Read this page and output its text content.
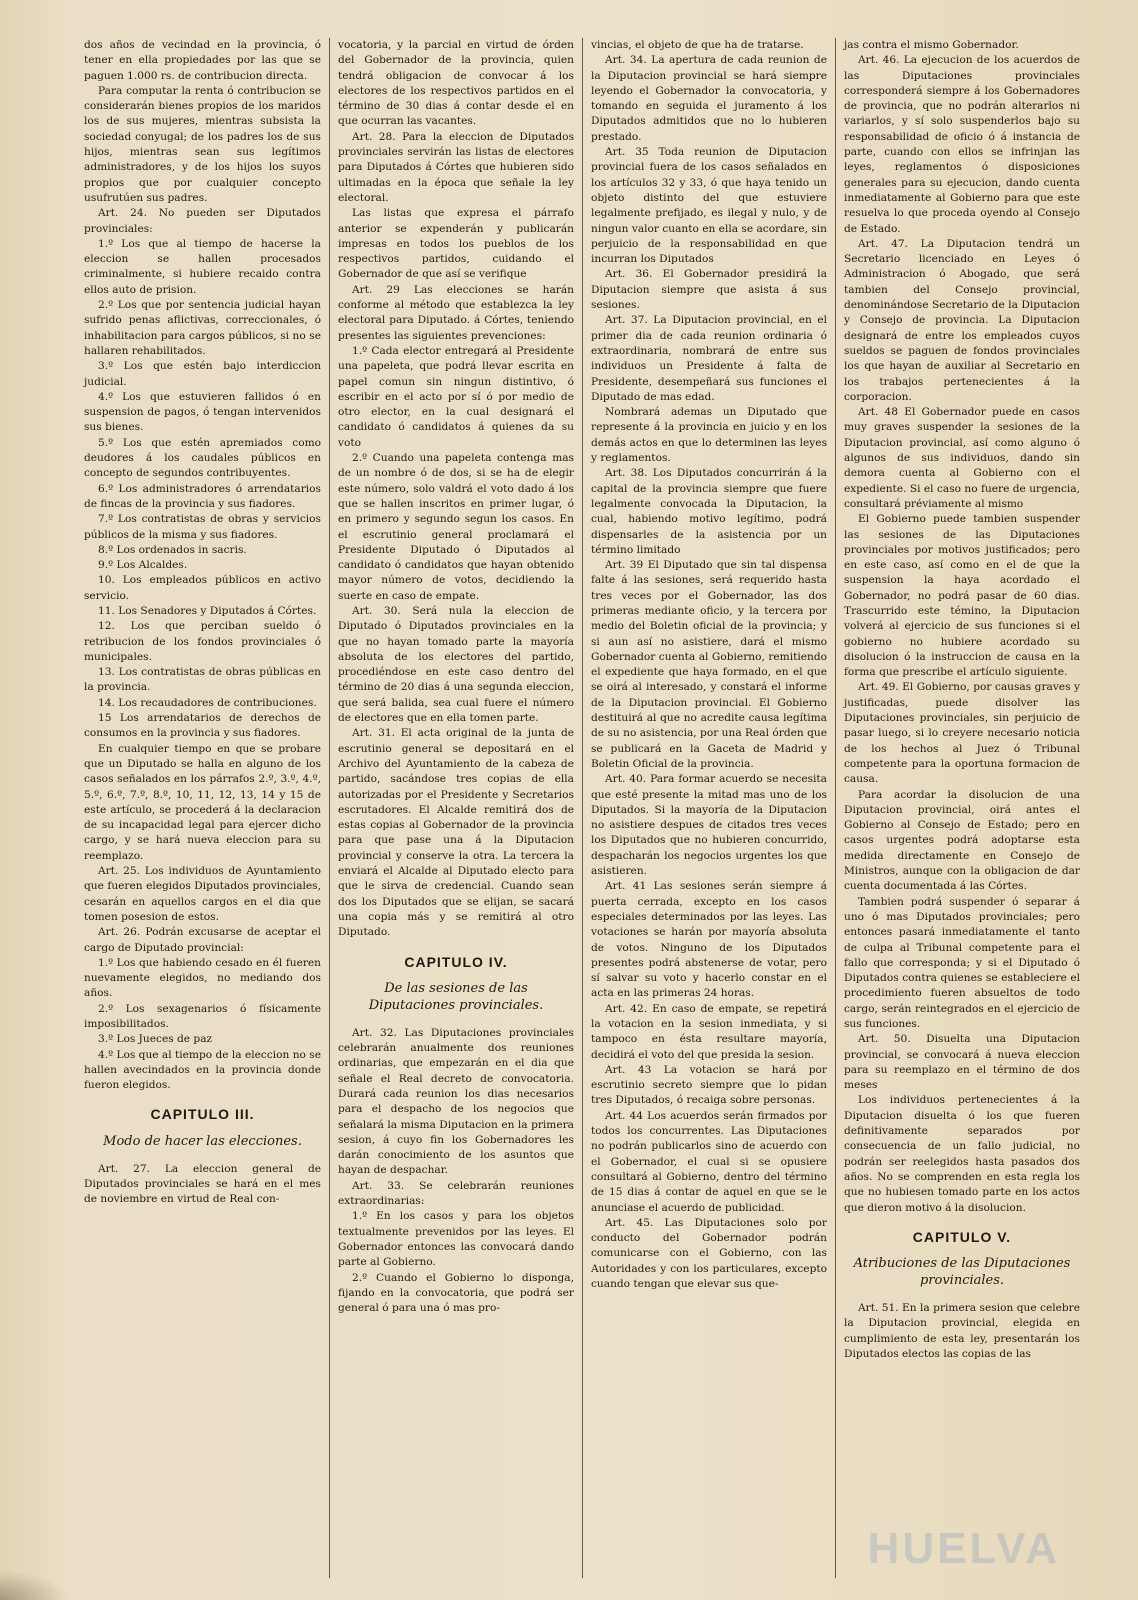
dos años de vecindad en la provincia, ó tener en ella propiedades por las que se paguen 1.000 rs. de contribucion directa.

Para computar la renta ó contribucion se considerarán bienes propios de los maridos los de sus mujeres, mientras subsista la sociedad conyugal; de los padres los de sus hijos, mientras sean sus legítimos administradores, y de los hijos los suyos propios que por cualquier concepto usufrutúen sus padres.

Art. 24. No pueden ser Diputados provinciales:

1.º Los que al tiempo de hacerse la eleccion se hallen procesados criminalmente, si hubiere recaido contra ellos auto de prision.

2.º Los que por sentencia judicial hayan sufrido penas aflictivas, correccionales, ó inhabilitacion para cargos públicos, si no se hallaren rehabilitados.

3.º Los que estén bajo interdiccion judicial.

4.º Los que estuvieren fallidos ó en suspension de pagos, ó tengan intervenidos sus bienes.

5.º Los que estén apremiados como deudores á los caudales públicos en concepto de segundos contribuyentes.

6.º Los administradores ó arrendatarios de fincas de la provincia y sus fiadores.

7.º Los contratistas de obras y servicios públicos de la misma y sus fiadores.

8.º Los ordenados in sacris.

9.º Los Alcaldes.

10. Los empleados públicos en activo servicio.

11. Los Senadores y Diputados á Córtes.

12. Los que perciban sueldo ó retribucion de los fondos provinciales ó municipales.

13. Los contratistas de obras públicas en la provincia.

14. Los recaudadores de contribuciones.

15 Los arrendatarios de derechos de consumos en la provincia y sus fiadores.

En cualquier tiempo en que se probare que un Diputado se halla en alguno de los casos señalados en los párrafos 2.º, 3.º, 4.º, 5.º, 6.º, 7.º, 8.º, 10, 11, 12, 13, 14 y 15 de este artículo, se procederá á la declaracion de su incapacidad legal para ejercer dicho cargo, y se hará nueva eleccion para su reemplazo.

Art. 25. Los individuos de Ayuntamiento que fueren elegidos Diputados provinciales, cesarán en aquellos cargos en el dia que tomen posesion de estos.

Art. 26. Podrán excusarse de aceptar el cargo de Diputado provincial:

1.º Los que habiendo cesado en él fueren nuevamente elegidos, no mediando dos años.

2.º Los sexagenarios ó físicamente imposibilitados.

3.º Los Jueces de paz

4.º Los que al tiempo de la eleccion no se hallen avecindados en la provincia donde fueron elegidos.

CAPITULO III.
Modo de hacer las elecciones.

Art. 27. La eleccion general de Diputados provinciales se hará en el mes de noviembre en virtud de Real con-

vocatoria, y la parcial en virtud de órden del Gobernador de la provincia, quien tendrá obligacion de convocar á los electores de los respectivos partidos en el término de 30 dias á contar desde el en que ocurran las vacantes.

Art. 28. Para la eleccion de Diputados provinciales servirán las listas de electores para Diputados á Córtes que hubieren sido ultimadas en la época que señale la ley electoral.

Las listas que expresa el párrafo anterior se expenderán y publicarán impresas en todos los pueblos de los respectivos partidos, cuidando el Gobernador de que así se verifique

Art. 29 Las elecciones se harán conforme al método que establezca la ley electoral para Diputado. á Córtes, teniendo presentes las siguientes prevenciones:

1.º Cada elector entregará al Presidente una papeleta, que podrá llevar escrita en papel comun sin ningun distintivo, ó escribir en el acto por sí ó por medio de otro elector, en la cual designará el candidato ó candidatos á quienes da su voto

2.º Cuando una papeleta contenga mas de un nombre ó de dos, si se ha de elegir este número, solo valdrá el voto dado á los que se hallen inscritos en primer lugar, ó en primero y segundo segun los casos. En el escrutinio general proclamará el Presidente Diputado ó Diputados al candidato ó candidatos que hayan obtenido mayor número de votos, decidiendo la suerte en caso de empate.

Art. 30. Será nula la eleccion de Diputado ó Diputados provinciales en la que no hayan tomado parte la mayoría absoluta de los electores del partido, procediéndose en este caso dentro del término de 20 dias á una segunda eleccion, que será balida, sea cual fuere el número de electores que en ella tomen parte.

Art. 31. El acta original de la junta de escrutinio general se depositará en el Archivo del Ayuntamiento de la cabeza de partido, sacándose tres copias de ella autorizadas por el Presidente y Secretarios escrutadores. El Alcalde remitirá dos de estas copias al Gobernador de la provincia para que pase una á la Diputacion provincial y conserve la otra. La tercera la enviará el Alcalde al Diputado electo para que le sirva de credencial. Cuando sean dos los Diputados que se elijan, se sacará una copia más y se remitirá al otro Diputado.

CAPITULO IV.
De las sesiones de las Diputaciones provinciales.

Art. 32. Las Diputaciones provinciales celebrarán anualmente dos reuniones ordinarias, que empezarán en el dia que señale el Real decreto de convocatoria. Durará cada reunion los dias necesarios para el despacho de los negocios que señalará la misma Diputacion en la primera sesion, á cuyo fin los Gobernadores les darán conocimiento de los asuntos que hayan de despachar.

Art. 33. Se celebrarán reuniones extraordinarias:

1.º En los casos y para los objetos textualmente prevenidos por las leyes. El Gobernador entonces las convocará dando parte al Gobierno.

2.º Cuando el Gobierno lo disponga, fijando en la convocatoria, que podrá ser general ó para una ó mas pro-

vincias, el objeto de que ha de tratarse.

Art. 34. La apertura de cada reunion de la Diputacion provincial se hará siempre leyendo el Gobernador la convocatoria, y tomando en seguida el juramento á los Diputados admitidos que no lo hubieren prestado.

Art. 35 Toda reunion de Diputacion provincial fuera de los casos señalados en los artículos 32 y 33, ó que haya tenido un objeto distinto del que estuviere legalmente prefijado, es ilegal y nulo, y de ningun valor cuanto en ella se acordare, sin perjuicio de la responsabilidad en que incurran los Diputados

Art. 36. El Gobernador presidirá la Diputacion siempre que asista á sus sesiones.

Art. 37. La Diputacion provincial, en el primer dia de cada reunion ordinaria ó extraordinaria, nombrará de entre sus individuos un Presidente á falta de Presidente, desempeñará sus funciones el Diputado de mas edad.

Nombrará ademas un Diputado que represente á la provincia en juicio y en los demás actos en que lo determinen las leyes y reglamentos.

Art. 38. Los Diputados concurrirán á la capital de la provincia siempre que fuere legalmente convocada la Diputacion, la cual, habiendo motivo legítimo, podrá dispensarles de la asistencia por un término limitado

Art. 39 El Diputado que sin tal dispensa falte á las sesiones, será requerido hasta tres veces por el Gobernador, las dos primeras mediante oficio, y la tercera por medio del Boletin oficial de la provincia; y si aun así no asistiere, dará el mismo Gobernador cuenta al Gobierno, remitiendo el expediente que haya formado, en el que se oirá al interesado, y constará el informe de la Diputacion provincial. El Gobierno destituirá al que no acredite causa legítima de su no asistencia, por una Real órden que se publicará en la Gaceta de Madrid y Boletin Oficial de la provincia.

Art. 40. Para formar acuerdo se necesita que esté presente la mitad mas uno de los Diputados. Si la mayoría de la Diputacion no asistiere despues de citados tres veces los Diputados que no hubieren concurrido, despacharán los negocios urgentes los que asistieren.

Art. 41 Las sesiones serán siempre á puerta cerrada, excepto en los casos especiales determinados por las leyes. Las votaciones se harán por mayoría absoluta de votos. Ninguno de los Diputados presentes podrá abstenerse de votar, pero sí salvar su voto y hacerlo constar en el acta en las primeras 24 horas.

Art. 42. En caso de empate, se repetirá la votacion en la sesion inmediata, y si tampoco en ésta resultare mayoría, decidirá el voto del que presida la sesion.

Art. 43 La votacion se hará por escrutinio secreto siempre que lo pidan tres Diputados, ó recaiga sobre personas.

Art. 44 Los acuerdos serán firmados por todos los concurrentes. Las Diputaciones no podrán publicarlos sino de acuerdo con el Gobernador, el cual si se opusiere consultará al Gobierno, dentro del término de 15 dias á contar de aquel en que se le anunciase el acuerdo de publicidad.

Art. 45. Las Diputaciones solo por conducto del Gobernador podrán comunicarse con el Gobierno, con las Autoridades y con los particulares, excepto cuando tengan que elevar sus que-

jas contra el mismo Gobernador.

Art. 46. La ejecucion de los acuerdos de las Diputaciones provinciales corresponderá siempre á los Gobernadores de provincia, que no podrán alterarlos ni variarlos, y sí solo suspenderlos bajo su responsabilidad de oficio ó á instancia de parte, cuando con ellos se infrinjan las leyes, reglamentos ó disposiciones generales para su ejecucion, dando cuenta inmediatamente al Gobierno para que este resuelva lo que proceda oyendo al Consejo de Estado.

Art. 47. La Diputacion tendrá un Secretario licenciado en Leyes ó Administracion ó Abogado, que será tambien del Consejo provincial, denominándose Secretario de la Diputacion y Consejo de provincia. La Diputacion designará de entre los empleados cuyos sueldos se paguen de fondos provinciales los que hayan de auxiliar al Secretario en los trabajos pertenecientes á la corporacion.

Art. 48 El Gobernador puede en casos muy graves suspender la sesiones de la Diputacion provincial, así como alguno ó algunos de sus individuos, dando sin demora cuenta al Gobierno con el expediente. Si el caso no fuere de urgencia, consultará préviamente al mismo

El Gobierno puede tambien suspender las sesiones de las Diputaciones provinciales por motivos justificados; pero en este caso, así como en el de que la suspension la haya acordado el Gobernador, no podrá pasar de 60 dias. Trascurrido este témino, la Diputacion volverá al ejercicio de sus funciones si el gobierno no hubiere acordado su disolucion ó la instruccion de causa en la forma que prescribe el artículo siguiente.

Art. 49. El Gobierno, por causas graves y justificadas, puede disolver las Diputaciones provinciales, sin perjuicio de pasar luego, si lo creyere necesario noticia de los hechos al Juez ó Tribunal competente para la oportuna formacion de causa.

Para acordar la disolucion de una Diputacion provincial, oirá antes el Gobierno al Consejo de Estado; pero en casos urgentes podrá adoptarse esta medida directamente en Consejo de Ministros, aunque con la obligacion de dar cuenta documentada á las Córtes.

Tambien podrá suspender ó separar á uno ó mas Diputados provinciales; pero entonces pasará inmediatamente el tanto de culpa al Tribunal competente para el fallo que corresponda; y si el Diputado ó Diputados contra quienes se estableciere el procedimiento fueren absueltos de todo cargo, serán reintegrados en el ejercicio de sus funciones.

Art. 50. Disuelta una Diputacion provincial, se convocará á nueva eleccion para su reemplazo en el término de dos meses

Los individuos pertenecientes á la Diputacion disuelta ó los que fueren definitivamente separados por consecuencia de un fallo judicial, no podrán ser reelegidos hasta pasados dos años. No se comprenden en esta regla los que no hubiesen tomado parte en los actos que dieron motivo á la disolucion.

CAPITULO V.
Atribuciones de las Diputaciones provinciales.

Art. 51. En la primera sesion que celebre la Diputacion provincial, elegida en cumplimiento de esta ley, presentarán los Diputados electos las copias de las

HUELVA
